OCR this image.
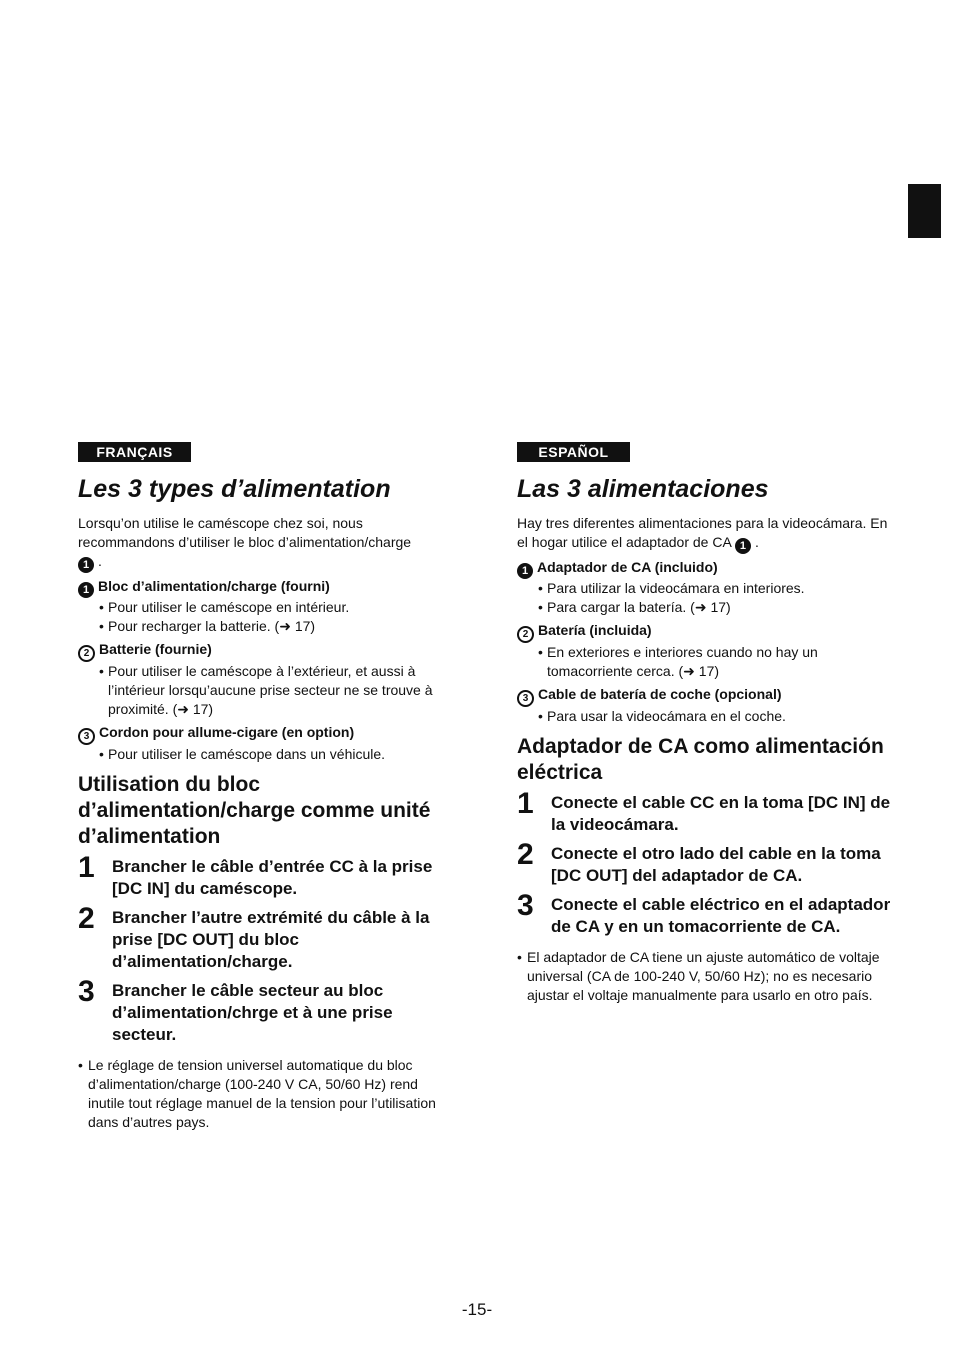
FRANÇAIS
Les 3 types d’alimentation

Lorsqu’on utilise le caméscope chez soi, nous recommandons d’utiliser le bloc d’alimentation/charge
1 .

1 Bloc d’alimentation/charge (fourni)
• Pour utiliser le caméscope en intérieur.
• Pour recharger la batterie. (➜ 17)
2 Batterie (fournie)
• Pour utiliser le caméscope à l’extérieur, et aussi à l’intérieur lorsqu’aucune prise secteur ne se trouve à proximité. (➜ 17)
3 Cordon pour allume-cigare (en option)
• Pour utiliser le caméscope dans un véhicule.
Utilisation du bloc d’alimentation/charge comme unité d’alimentation
1	Brancher le câble d’entrée CC à la prise [DC IN] du caméscope.
2	Brancher l’autre extrémité du câble à la prise [DC OUT] du bloc d’alimentation/charge.
3	Brancher le câble secteur au bloc d’alimentation/chrge et à une prise secteur.
• Le réglage de tension universel automatique du bloc d’alimentation/charge (100-240 V CA, 50/60 Hz) rend inutile tout réglage manuel de la tension pour l’utilisation dans d’autres pays.
ESPAÑOL
Las 3 alimentaciones

Hay tres diferentes alimentaciones para la videocámara. En el hogar utilice el adaptador de CA 1 .

1 Adaptador de CA (incluido)
• Para utilizar la videocámara en interiores.
• Para cargar la batería. (➜ 17)
2 Batería (incluida)
• En exteriores e interiores cuando no hay un tomacorriente cerca. (➜ 17)
3 Cable de batería de coche (opcional)
• Para usar la videocámara en el coche.
Adaptador de CA como alimentación eléctrica
1	Conecte el cable CC en la toma [DC IN] de la videocámara.
2	Conecte el otro lado del cable en la toma [DC OUT] del adaptador de CA.
3	Conecte el cable eléctrico en el adaptador de CA y en un tomacorriente de CA.
• El adaptador de CA tiene un ajuste automático de voltaje universal (CA de 100-240 V, 50/60 Hz); no es necesario ajustar el voltaje manualmente para usarlo en otro país.
-15-
